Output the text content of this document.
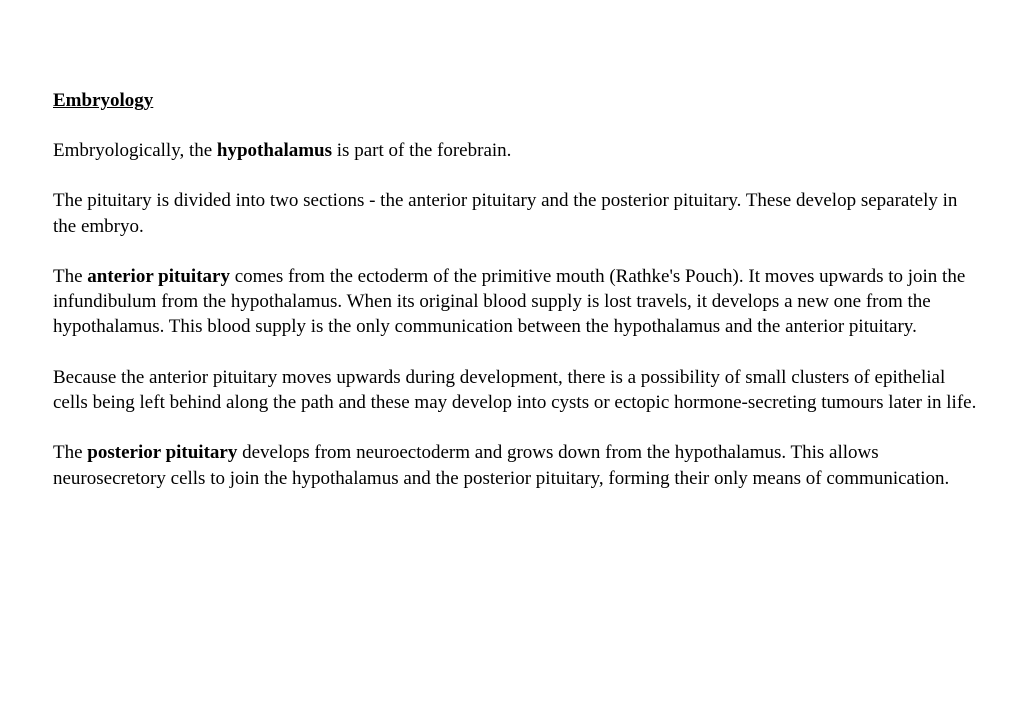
Embryology

Embryologically, the hypothalamus is part of the forebrain.

The pituitary is divided into two sections - the anterior pituitary and the posterior pituitary. These develop separately in the embryo.

The anterior pituitary comes from the ectoderm of the primitive mouth (Rathke's Pouch). It moves upwards to join the infundibulum from the hypothalamus. When its original blood supply is lost travels, it develops a new one from the hypothalamus. This blood supply is the only communication between the hypothalamus and the anterior pituitary.

Because the anterior pituitary moves upwards during development, there is a possibility of small clusters of epithelial cells being left behind along the path and these may develop into cysts or ectopic hormone-secreting tumours later in life.

The posterior pituitary develops from neuroectoderm and grows down from the hypothalamus. This allows neurosecretory cells to join the hypothalamus and the posterior pituitary, forming their only means of communication.
